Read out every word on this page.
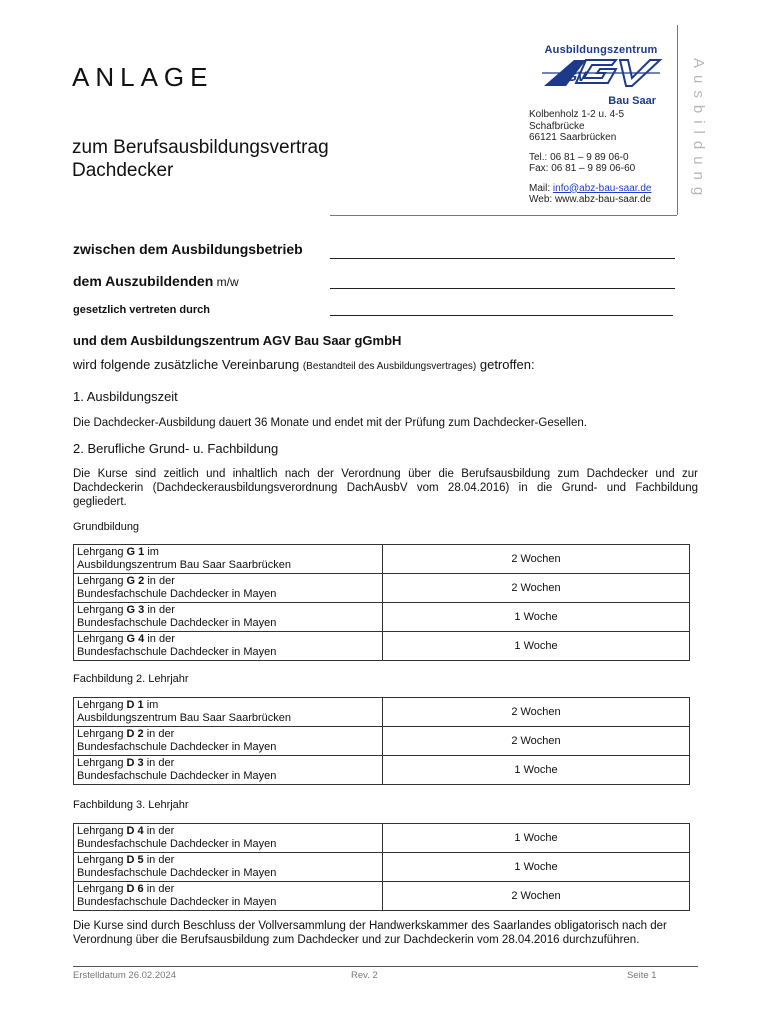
ANLAGE
zum Berufsausbildungsvertrag
Dachdecker
Ausbildungszentrum
AGV
Bau Saar
Kolbenholz 1-2 u. 4-5
Schafbrücke
66121 Saarbrücken
Tel.: 06 81 – 9 89 06-0
Fax: 06 81 – 9 89 06-60
Mail: info@abz-bau-saar.de
Web: www.abz-bau-saar.de	Ausbildung
zwischen dem Ausbildungsbetrieb
dem Auszubildenden m/w
gesetzlich vertreten durch
und dem Ausbildungszentrum AGV Bau Saar gGmbH
wird folgende zusätzliche Vereinbarung (Bestandteil des Ausbildungsvertrages) getroffen:
1. Ausbildungszeit
Die Dachdecker-Ausbildung dauert 36 Monate und endet mit der Prüfung zum Dachdecker-Gesellen.
2. Berufliche Grund- u. Fachbildung
Die Kurse sind zeitlich und inhaltlich nach der Verordnung über die Berufsausbildung zum Dachdecker und zur Dachdeckerin (Dachdeckerausbildungsverordnung DachAusbV vom 28.04.2016) in die Grund- und Fachbildung gegliedert.
Grundbildung
Lehrgang G 1 im
Ausbildungszentrum Bau Saar Saarbrücken	2 Wochen

Lehrgang G 2 in der
Bundesfachschule Dachdecker in Mayen	2 Wochen

Lehrgang G 3 in der
Bundesfachschule Dachdecker in Mayen	1 Woche

Lehrgang G 4 in der
Bundesfachschule Dachdecker in Mayen	1 Woche
Fachbildung 2. Lehrjahr
Lehrgang D 1 im
Ausbildungszentrum Bau Saar Saarbrücken	2 Wochen

Lehrgang D 2 in der
Bundesfachschule Dachdecker in Mayen	2 Wochen

Lehrgang D 3 in der
Bundesfachschule Dachdecker in Mayen	1 Woche
Fachbildung 3. Lehrjahr
Lehrgang D 4 in der
Bundesfachschule Dachdecker in Mayen	1 Woche

Lehrgang D 5 in der
Bundesfachschule Dachdecker in Mayen	1 Woche

Lehrgang D 6 in der
Bundesfachschule Dachdecker in Mayen	2 Wochen
Die Kurse sind durch Beschluss der Vollversammlung der Handwerkskammer des Saarlandes obligatorisch nach der Verordnung über die Berufsausbildung zum Dachdecker und zur Dachdeckerin vom 28.04.2016 durchzuführen.
Erstelldatum 26.02.2024	Rev. 2	Seite 1
